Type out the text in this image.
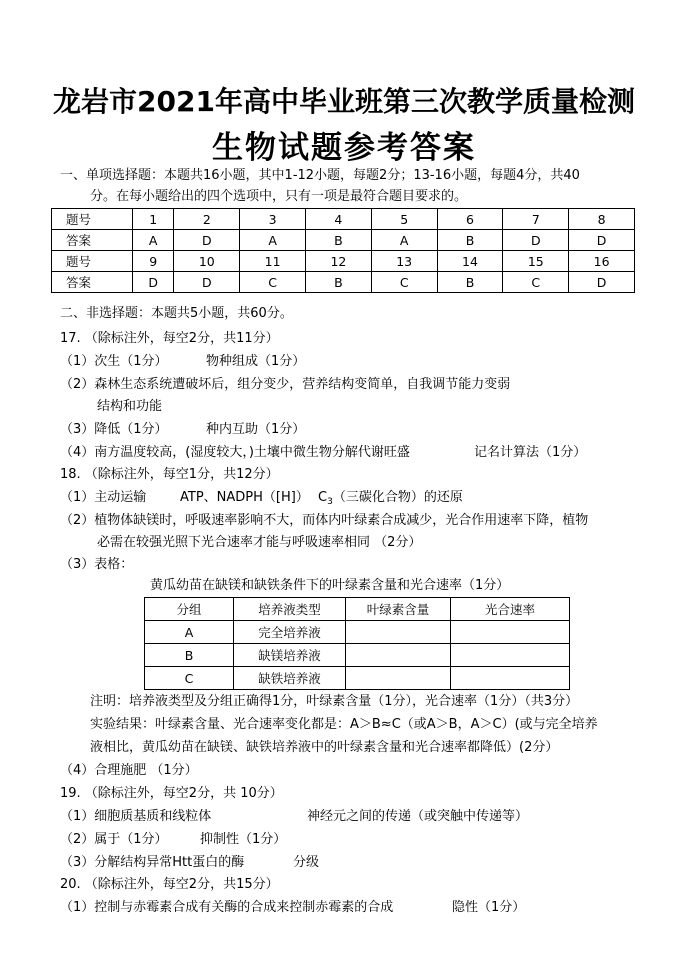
龙岩市2021年高中毕业班第三次教学质量检测
生物试题参考答案
一、单项选择题：本题共16小题，其中1-12小题，每题2分；13-16小题，每题4分，共40
分。在每小题给出的四个选项中，只有一项是最符合题目要求的。
题号	1	2	3	4	5	6	7	8
答案	A	D	A	B	A	B	D	D
题号	9	10	11	12	13	14	15	16
答案	D	D	C	B	C	B	C	D
二、非选择题：本题共5小题，共60分。
17. （除标注外，每空2分，共11分）
（1）次生（1分）	物种组成（1分）
（2）森林生态系统遭破坏后，组分变少，营养结构变简单，自我调节能力变弱
结构和功能
（3）降低（1分）	种内互助（1分）
（4）南方温度较高，(湿度较大，)土壤中微生物分解代谢旺盛	记名计算法（1分）
18. （除标注外，每空1分，共12分）
（1）主动运输	ATP、NADPH（[H]） $C_3$（三碳化合物）的还原
（2）植物体缺镁时，呼吸速率影响不大，而体内叶绿素合成减少，光合作用速率下降，植物
必需在较强光照下光合速率才能与呼吸速率相同 （2分）
（3）表格：
黄瓜幼苗在缺镁和缺铁条件下的叶绿素含量和光合速率（1分）
分组	培养液类型	叶绿素含量	光合速率
A	完全培养液		
B	缺镁培养液		
C	缺铁培养液		
注明：培养液类型及分组正确得1分，叶绿素含量（1分），光合速率（1分）（共3分）
实验结果：叶绿素含量、光合速率变化都是：A＞B≈C（或A＞B，A＞C）(或与完全培养
液相比，黄瓜幼苗在缺镁、缺铁培养液中的叶绿素含量和光合速率都降低）(2分）
（4）合理施肥 （1分）
19. （除标注外，每空2分，共 10分）
（1）细胞质基质和线粒体	神经元之间的传递（或突触中传递等）
（2）属于（1分） 抑制性（1分）
（3）分解结构异常Htt蛋白的酶	分级
20. （除标注外，每空2分，共15分）
（1）控制与赤霉素合成有关酶的合成来控制赤霉素的合成	隐性（1分）
